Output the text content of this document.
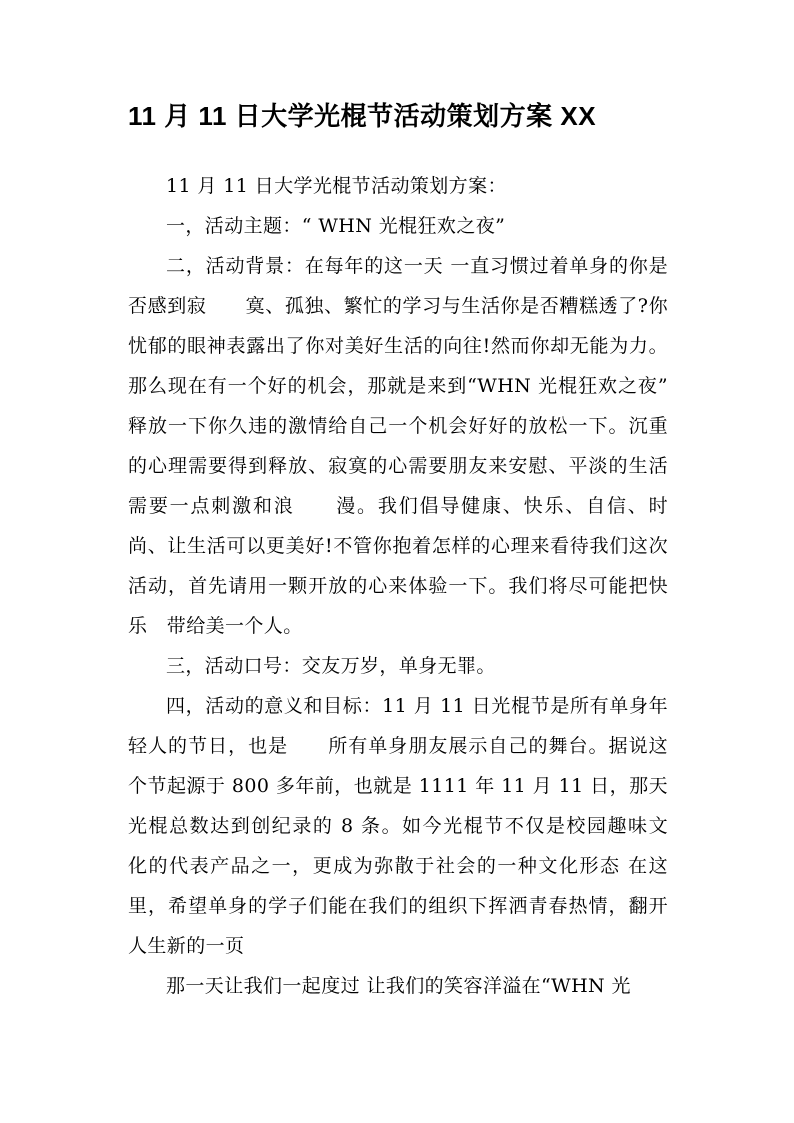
11 月 11 日大学光棍节活动策划方案 XX

11 月 11 日大学光棍节活动策划方案：

一，活动主题：“ WHN 光棍狂欢之夜”

二，活动背景：在每年的这一天 一直习惯过着单身的你是否感到寂　　寞、孤独、繁忙的学习与生活你是否糟糕透了?你忧郁的眼神表露出了你对美好生活的向往!然而你却无能为力。那么现在有一个好的机会，那就是来到“WHN 光棍狂欢之夜”释放一下你久违的激情给自己一个机会好好的放松一下。沉重的心理需要得到释放、寂寞的心需要朋友来安慰、平淡的生活需要一点刺激和浪　　漫。我们倡导健康、快乐、自信、时尚、让生活可以更美好!不管你抱着怎样的心理来看待我们这次活动，首先请用一颗开放的心来体验一下。我们将尽可能把快乐　带给美一个人。

三，活动口号：交友万岁，单身无罪。

四，活动的意义和目标：11 月 11 日光棍节是所有单身年轻人的节日，也是　　所有单身朋友展示自己的舞台。据说这个节起源于 800 多年前，也就是 1111 年 11 月 11 日，那天光棍总数达到创纪录的 8 条。如今光棍节不仅是校园趣味文　　化的代表产品之一，更成为弥散于社会的一种文化形态 在这里，希望单身的学子们能在我们的组织下挥洒青春热情，翻开人生新的一页

那一天让我们一起度过 让我们的笑容洋溢在“WHN 光
